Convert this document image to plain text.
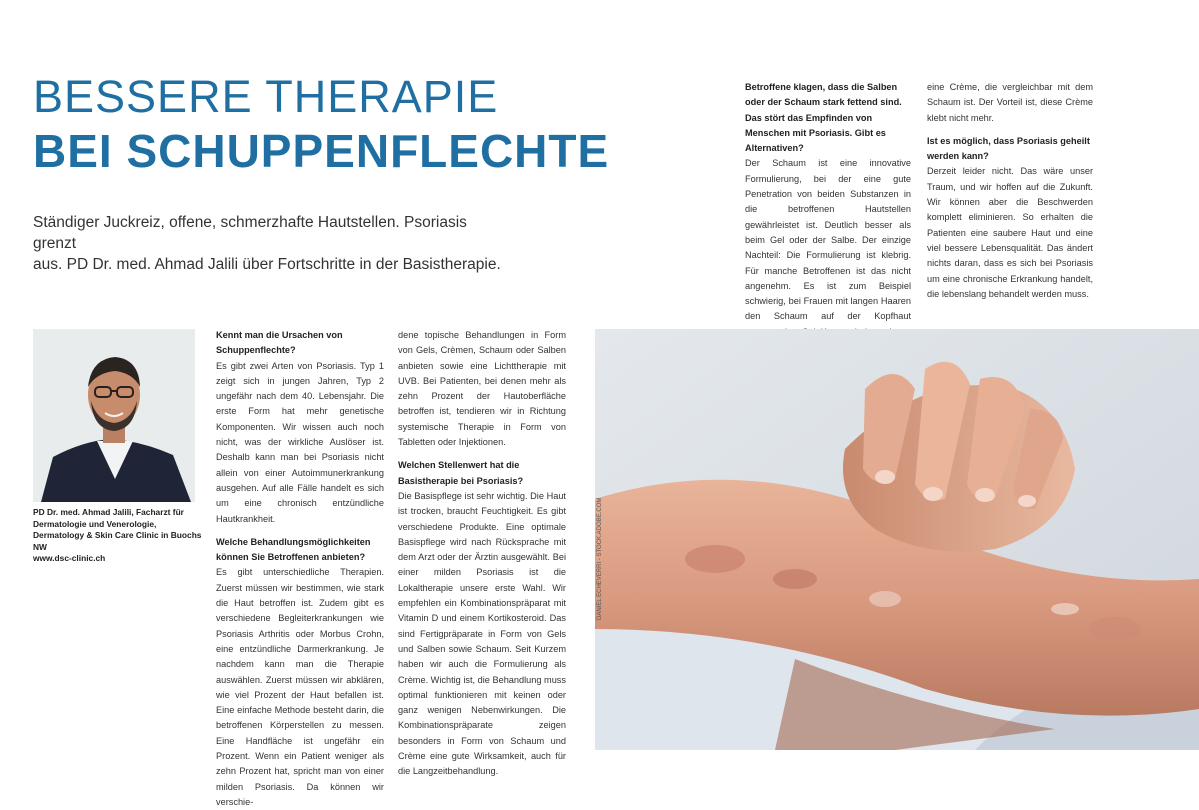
BESSERE THERAPIE
BEI SCHUPPENFLECHTE
Ständiger Juckreiz, offene, schmerzhafte Hautstellen. Psoriasis grenzt
aus. PD Dr. med. Ahmad Jalili über Fortschritte in der Basistherapie.
PD Dr. med. Ahmad Jalili, Facharzt für
Dermatologie und Venerologie,
Dermatology & Skin Care Clinic in Buochs NW
www.dsc-clinic.ch

Kennt man die Ursachen von Schuppenflechte?

Es gibt zwei Arten von Psoriasis. Typ 1 zeigt sich in jungen Jahren, Typ 2 ungefähr nach dem 40. Lebensjahr. Die erste Form hat mehr genetische Komponenten. Wir wissen auch noch nicht, was der wirkliche Auslöser ist. Deshalb kann man bei Psoriasis nicht allein von einer Autoimmunerkrankung ausgehen. Auf alle Fälle handelt es sich um eine chronisch entzündliche Hautkrankheit.

Welche Behandlungsmöglichkeiten können Sie Betroffenen anbieten?

Es gibt unterschiedliche Therapien. Zuerst müssen wir bestimmen, wie stark die Haut betroffen ist. Zudem gibt es verschiedene Begleiterkrankungen wie Psoriasis Arthritis oder Morbus Crohn, eine entzündliche Darmerkrankung. Je nachdem kann man die Therapie auswählen. Zuerst müssen wir abklären, wie viel Prozent der Haut befallen ist. Eine einfache Methode besteht darin, die betroffenen Körperstellen zu messen. Eine Handfläche ist ungefähr ein Prozent. Wenn ein Patient weniger als zehn Prozent hat, spricht man von einer milden Psoriasis. Da können wir verschie-

dene topische Behandlungen in Form von Gels, Crèmen, Schaum oder Salben anbieten sowie eine Lichttherapie mit UVB. Bei Patienten, bei denen mehr als zehn Prozent der Hautoberfläche betroffen ist, tendieren wir in Richtung systemische Therapie in Form von Tabletten oder Injektionen.

Welchen Stellenwert hat die Basistherapie bei Psoriasis?

Die Basispflege ist sehr wichtig. Die Haut ist trocken, braucht Feuchtigkeit. Es gibt verschiedene Produkte. Eine optimale Basispflege wird nach Rücksprache mit dem Arzt oder der Ärztin ausgewählt. Bei einer milden Psoriasis ist die Lokaltherapie unsere erste Wahl. Wir empfehlen ein Kombinationspräparat mit Vitamin D und einem Kortikosteroid. Das sind Fertigpräparate in Form von Gels und Salben sowie Schaum. Seit Kurzem haben wir auch die Formulierung als Crème. Wichtig ist, die Behandlung muss optimal funktionieren mit keinen oder ganz wenigen Nebenwirkungen. Die Kombinationspräparate zeigen besonders in Form von Schaum und Crème eine gute Wirksamkeit, auch für die Langzeitbehandlung.

Betroffene klagen, dass die Salben oder der Schaum stark fettend sind. Das stört das Empfinden von Menschen mit Psoriasis. Gibt es Alternativen?

Der Schaum ist eine innovative Formulierung, bei der eine gute Penetration von beiden Substanzen in die betroffenen Hautstellen gewährleistet ist. Deutlich besser als beim Gel oder der Salbe. Der einzige Nachteil: Die Formulierung ist klebrig. Für manche Betroffenen ist das nicht angenehm. Es ist zum Beispiel schwierig, bei Frauen mit langen Haaren den Schaum auf der Kopfhaut

eine Crème, die vergleichbar mit dem Schaum ist. Der Vorteil ist, diese Crème klebt nicht mehr.

Ist es möglich, dass Psoriasis geheilt werden kann?

Derzeit leider nicht. Das wäre unser Traum, und wir hoffen auf die Zukunft. Wir können aber die Beschwerden komplett eliminieren. So erhalten die Patienten eine saubere Haut und eine viel bessere Lebensqualität. Das ändert nichts daran, dass es sich bei Psoriasis um eine chronische Erkrankung handelt, die lebenslang behandelt werden muss.

DANIEL ECHEVERRI - STOCK.ADOBE.COM
